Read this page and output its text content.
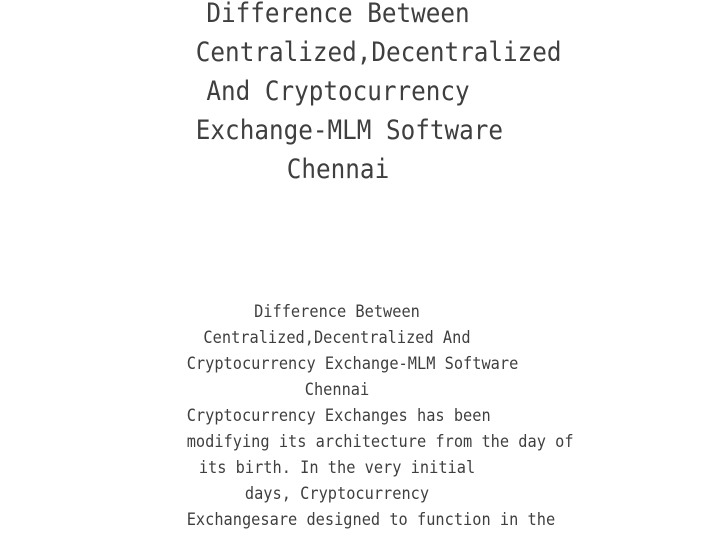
Difference Between
Centralized,Decentralized
And Cryptocurrency
Exchange-MLM Software
Chennai
Difference Between
Centralized,Decentralized And
Cryptocurrency Exchange-MLM Software
Chennai
Cryptocurrency Exchanges has been
modifying its architecture from the day of
its birth. In the very initial
days, Cryptocurrency
Exchangesare designed to function in the
